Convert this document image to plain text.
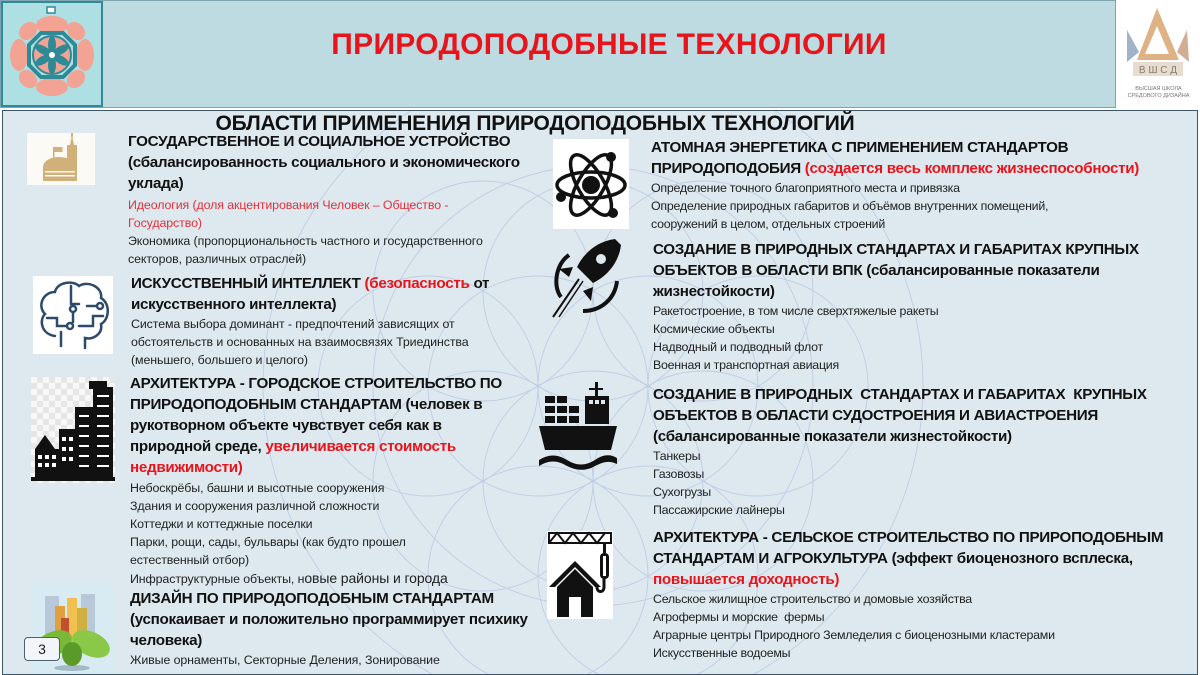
ПРИРОДОПОДОБНЫЕ ТЕХНОЛОГИИ
В Ш С Д
ВЫСШАЯ ШКОЛА
СРЕДОВОГО ДИЗАЙНА
ОБЛАСТИ ПРИМЕНЕНИЯ ПРИРОДОПОДОБНЫХ ТЕХНОЛОГИЙ
ГОСУДАРСТВЕННОЕ И СОЦИАЛЬНОЕ УСТРОЙСТВО
(сбалансированность социального и экономического
уклада)
Идеология (доля акцентирования Человек – Общество -
Государство)
Экономика (пропорциональность частного и государственного
секторов, различных отраслей)
ИСКУССТВЕННЫЙ ИНТЕЛЛЕКТ (безопасность от
искусственного интеллекта)
Система выбора доминант - предпочтений зависящих от
обстоятельств и основанных на взаимосвязях Триединства
(меньшего, большего и целого)
АРХИТЕКТУРА - ГОРОДСКОЕ СТРОИТЕЛЬСТВО ПО
ПРИРОДОПОДОБНЫМ СТАНДАРТАМ (человек в
рукотворном объекте чувствует себя как в
природной среде, увеличивается стоимость
недвижимости)
Небоскрёбы, башни и высотные сооружения
Здания и сооружения различной сложности
Коттеджи и коттеджные поселки
Парки, рощи, сады, бульвары (как будто прошел
естественный отбор)
Инфраструктурные объекты, новые районы и города
ДИЗАЙН ПО ПРИРОДОПОДОБНЫМ СТАНДАРТАМ
(успокаивает и положительно программирует психику
человека)
Живые орнаменты, Секторные Деления, Зонирование
АТОМНАЯ ЭНЕРГЕТИКА С ПРИМЕНЕНИЕМ СТАНДАРТОВ
ПРИРОДОПОДОБИЯ (создается весь комплекс жизнеспособности)
Определение точного благоприятного места и привязка
Определение природных габаритов и объёмов внутренних помещений,
сооружений в целом, отдельных строений
СОЗДАНИЕ В ПРИРОДНЫХ СТАНДАРТАХ И ГАБАРИТАХ КРУПНЫХ
ОБЪЕКТОВ В ОБЛАСТИ ВПК (сбалансированные показатели
жизнестойкости)
Ракетостроение, в том числе сверхтяжелые ракеты
Космические объекты
Надводный и подводный флот
Военная и транспортная авиация
СОЗДАНИЕ В ПРИРОДНЫХ  СТАНДАРТАХ И ГАБАРИТАХ  КРУПНЫХ
ОБЪЕКТОВ В ОБЛАСТИ СУДОСТРОЕНИЯ И АВИАСТРОЕНИЯ
(сбалансированные показатели жизнестойкости)
Танкеры
Газовозы
Сухогрузы
Пассажирские лайнеры
АРХИТЕКТУРА - СЕЛЬСКОЕ СТРОИТЕЛЬСТВО ПО ПРИРОПОДОБНЫМ
СТАНДАРТАМ И АГРОКУЛЬТУРА (эффект биоценозного всплеска,
повышается доходность)
Сельское жилищное строительство и домовые хозяйства
Агрофермы и морские  фермы
Аграрные центры Природного Земледелия с биоценозными кластерами
Искусственные водоемы
3
